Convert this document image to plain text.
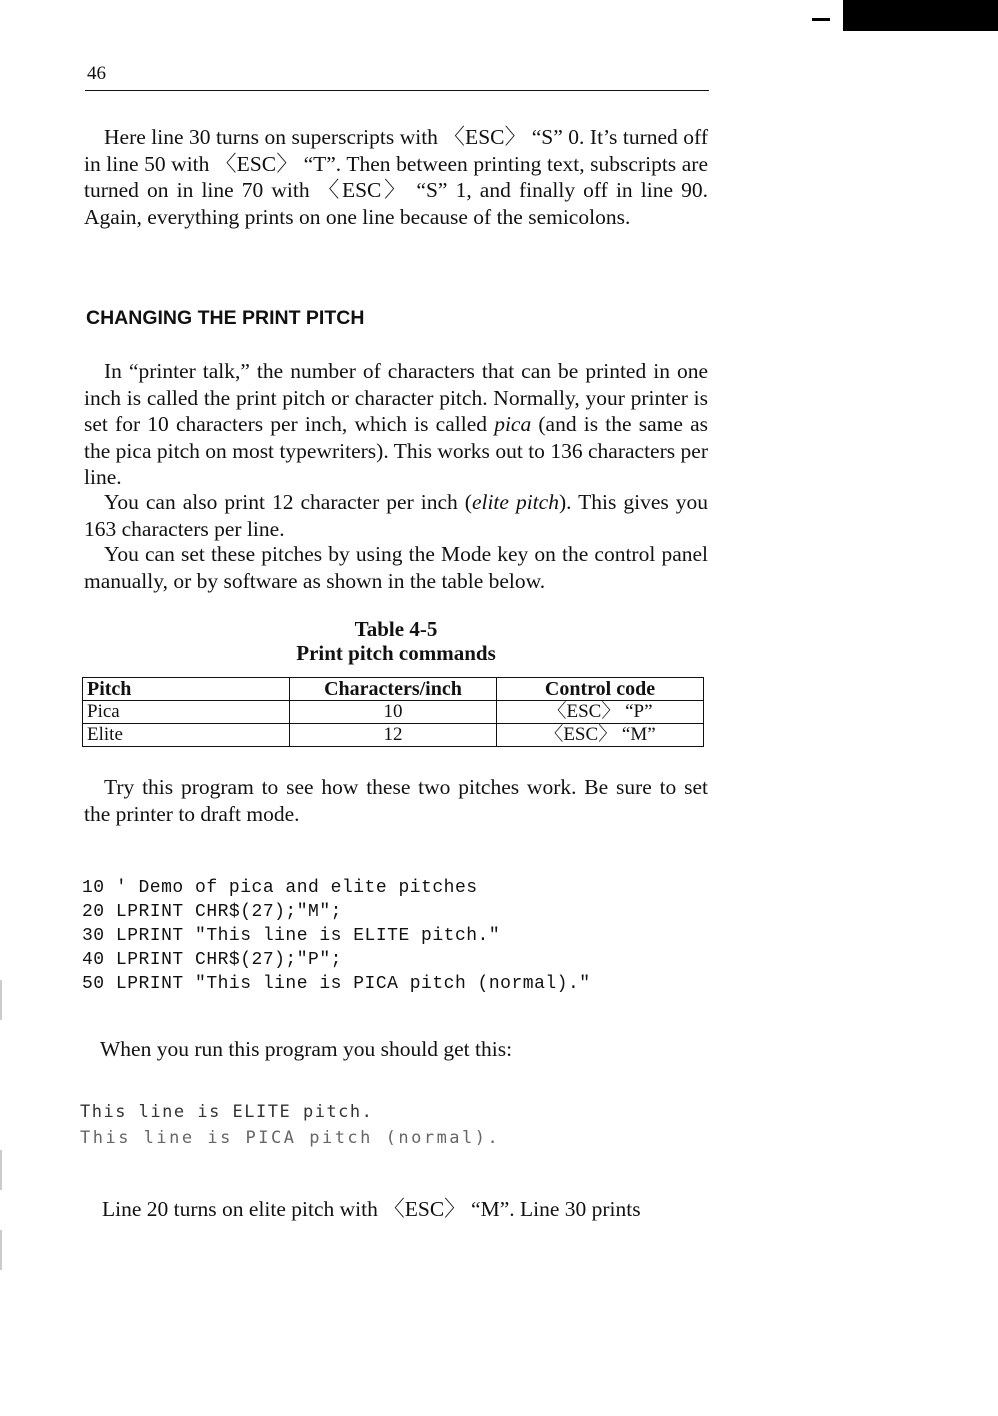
46
Here line 30 turns on superscripts with 〈ESC〉 “S” 0. It’s turned off in line 50 with 〈ESC〉 “T”. Then between printing text, subscripts are turned on in line 70 with 〈ESC〉 “S” 1, and finally off in line 90. Again, everything prints on one line because of the semicolons.
CHANGING THE PRINT PITCH
In “printer talk,” the number of characters that can be printed in one inch is called the print pitch or character pitch. Normally, your printer is set for 10 characters per inch, which is called pica (and is the same as the pica pitch on most typewriters). This works out to 136 characters per line.
You can also print 12 character per inch (elite pitch). This gives you 163 characters per line.
You can set these pitches by using the Mode key on the control panel manually, or by software as shown in the table below.
Table 4-5
Print pitch commands
Pitch	Characters/inch	Control code
Pica	10	〈ESC〉 “P”
Elite	12	〈ESC〉 “M”
Try this program to see how these two pitches work. Be sure to set the printer to draft mode.
10 ' Demo of pica and elite pitches
20 LPRINT CHR$(27);"M";
30 LPRINT "This line is ELITE pitch."
40 LPRINT CHR$(27);"P";
50 LPRINT "This line is PICA pitch (normal)."
When you run this program you should get this:
This line is ELITE pitch.
This line is PICA pitch (normal).
Line 20 turns on elite pitch with 〈ESC〉 “M”. Line 30 prints
